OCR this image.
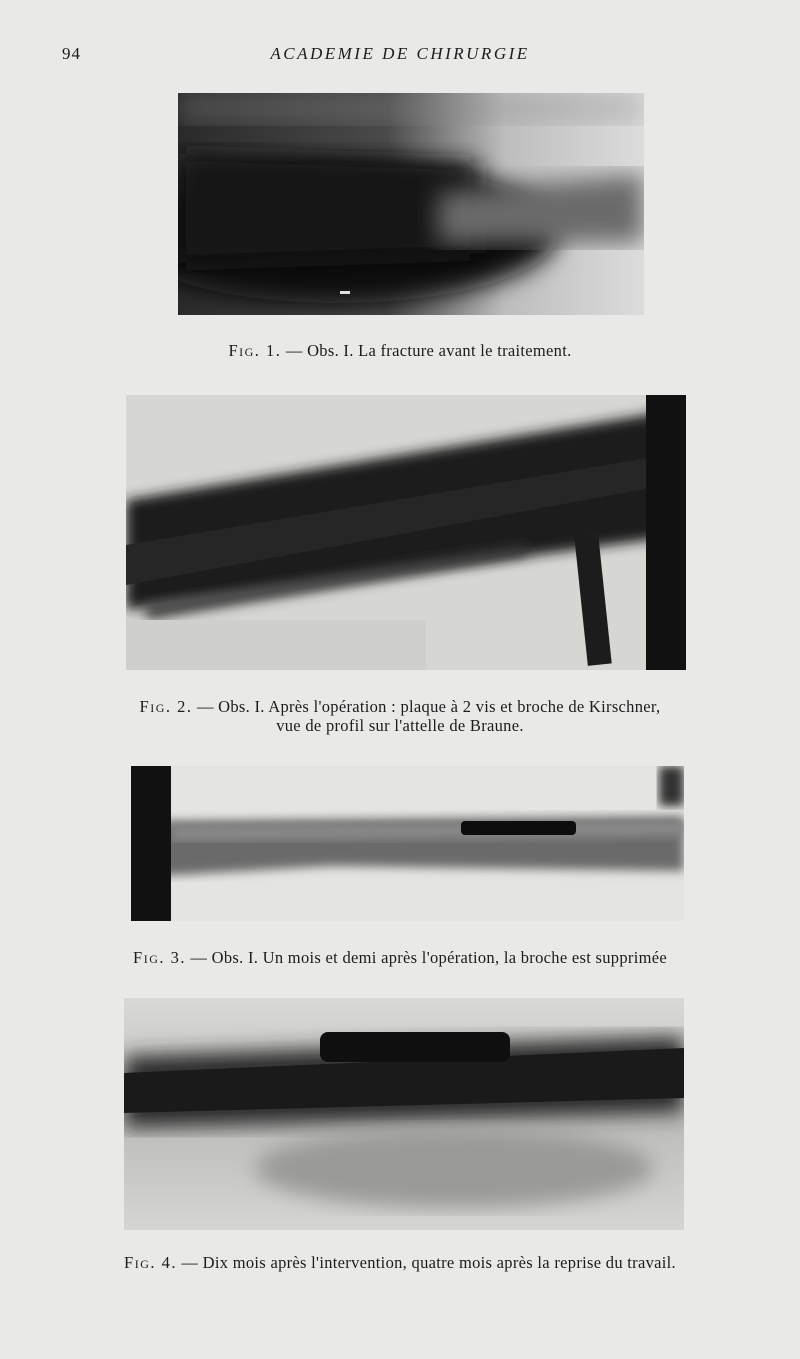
94	ACADEMIE DE CHIRURGIE
Fig. 1. — Obs. I. La fracture avant le traitement.
Fig. 2. — Obs. I. Après l'opération : plaque à 2 vis et broche de Kirschner,
vue de profil sur l'attelle de Braune.
Fig. 3. — Obs. I. Un mois et demi après l'opération, la broche est supprimée
Fig. 4. — Dix mois après l'intervention, quatre mois après la reprise du travail.
